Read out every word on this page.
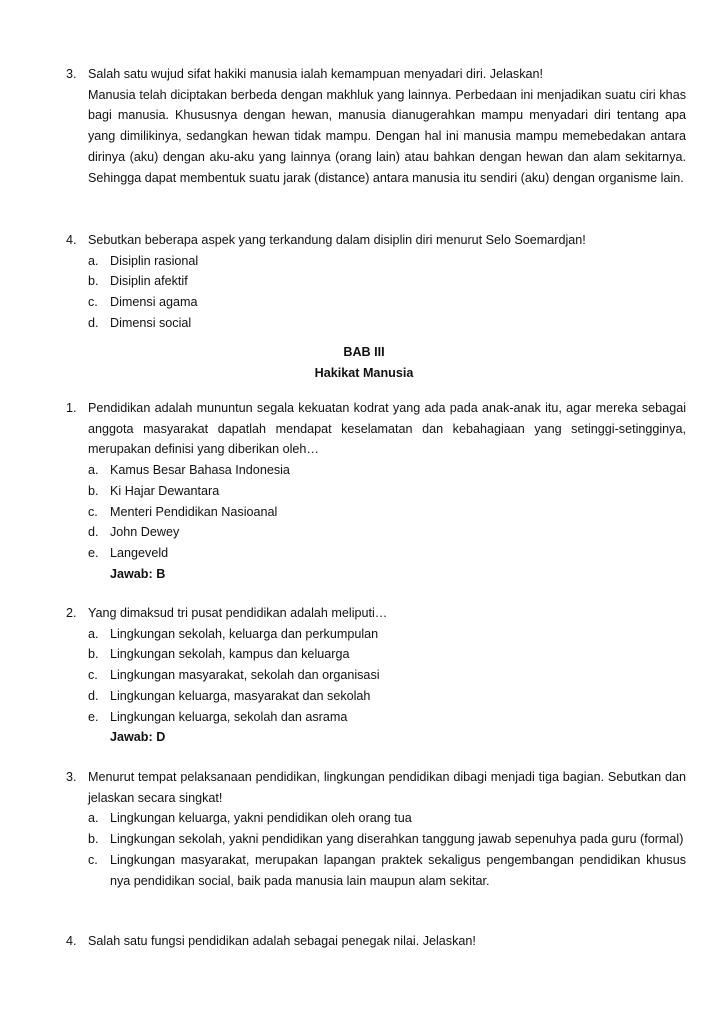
3. Salah satu wujud sifat hakiki manusia ialah kemampuan menyadari diri. Jelaskan!
Manusia telah diciptakan berbeda dengan makhluk yang lainnya. Perbedaan ini menjadikan suatu ciri khas bagi manusia. Khususnya dengan hewan, manusia dianugerahkan mampu menyadari diri tentang apa yang dimilikinya, sedangkan hewan tidak mampu. Dengan hal ini manusia mampu memebedakan antara dirinya (aku) dengan aku-aku yang lainnya (orang lain) atau bahkan dengan hewan dan alam sekitarnya. Sehingga dapat membentuk suatu jarak (distance) antara manusia itu sendiri (aku) dengan organisme lain.
4. Sebutkan beberapa aspek yang terkandung dalam disiplin diri menurut Selo Soemardjan!
a. Disiplin rasional
b. Disiplin afektif
c. Dimensi agama
d. Dimensi social
BAB III
Hakikat Manusia
1. Pendidikan adalah mununtun segala kekuatan kodrat yang ada pada anak-anak itu, agar mereka sebagai anggota masyarakat dapatlah mendapat keselamatan dan kebahagiaan yang setinggi-setingginya, merupakan definisi yang diberikan oleh…
a. Kamus Besar Bahasa Indonesia
b. Ki Hajar Dewantara
c. Menteri Pendidikan Nasioanal
d. John Dewey
e. Langeveld
Jawab: B
2. Yang dimaksud tri pusat pendidikan adalah meliputi…
a. Lingkungan sekolah, keluarga dan perkumpulan
b. Lingkungan sekolah, kampus dan keluarga
c. Lingkungan masyarakat, sekolah dan organisasi
d. Lingkungan keluarga, masyarakat dan sekolah
e. Lingkungan keluarga, sekolah dan asrama
Jawab: D
3. Menurut tempat pelaksanaan pendidikan, lingkungan pendidikan dibagi menjadi tiga bagian. Sebutkan dan jelaskan secara singkat!
a. Lingkungan keluarga, yakni pendidikan oleh orang tua
b. Lingkungan sekolah, yakni pendidikan yang diserahkan tanggung jawab sepenuhya pada guru (formal)
c. Lingkungan masyarakat, merupakan lapangan praktek sekaligus pengembangan pendidikan khusus nya pendidikan social, baik pada manusia lain maupun alam sekitar.
4. Salah satu fungsi pendidikan adalah sebagai penegak nilai. Jelaskan!
